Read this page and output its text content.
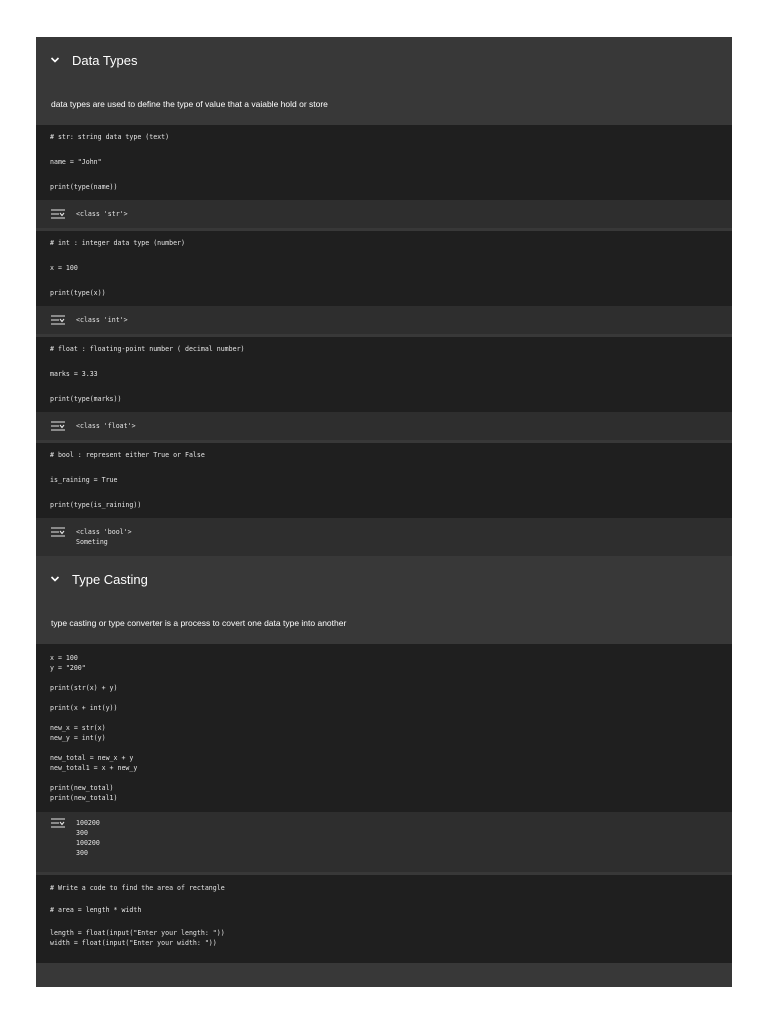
Data Types
data types are used to define the type of value that a vaiable hold or store
# str: string data type (text)
name = "John"
print(type(name))
<class 'str'>
# int : integer data type (number)
x = 100
print(type(x))
<class 'int'>
# float : floating-point number ( decimal number)
marks = 3.33
print(type(marks))
<class 'float'>
# bool : represent either True or False
is_raining = True
print(type(is_raining))
<class 'bool'>
Someting
Type Casting
type casting or type converter is a process to covert one data type into another
x = 100
y = "200"
print(str(x) + y)
print(x + int(y))
new_x = str(x)
new_y = int(y)
new_total = new_x + y
new_total1 = x + new_y
print(new_total)
print(new_total1)
100200
300
100200
300
# Write a code to find the area of rectangle
# area = length * width
length = float(input("Enter your length: "))
width = float(input("Enter your width: "))
